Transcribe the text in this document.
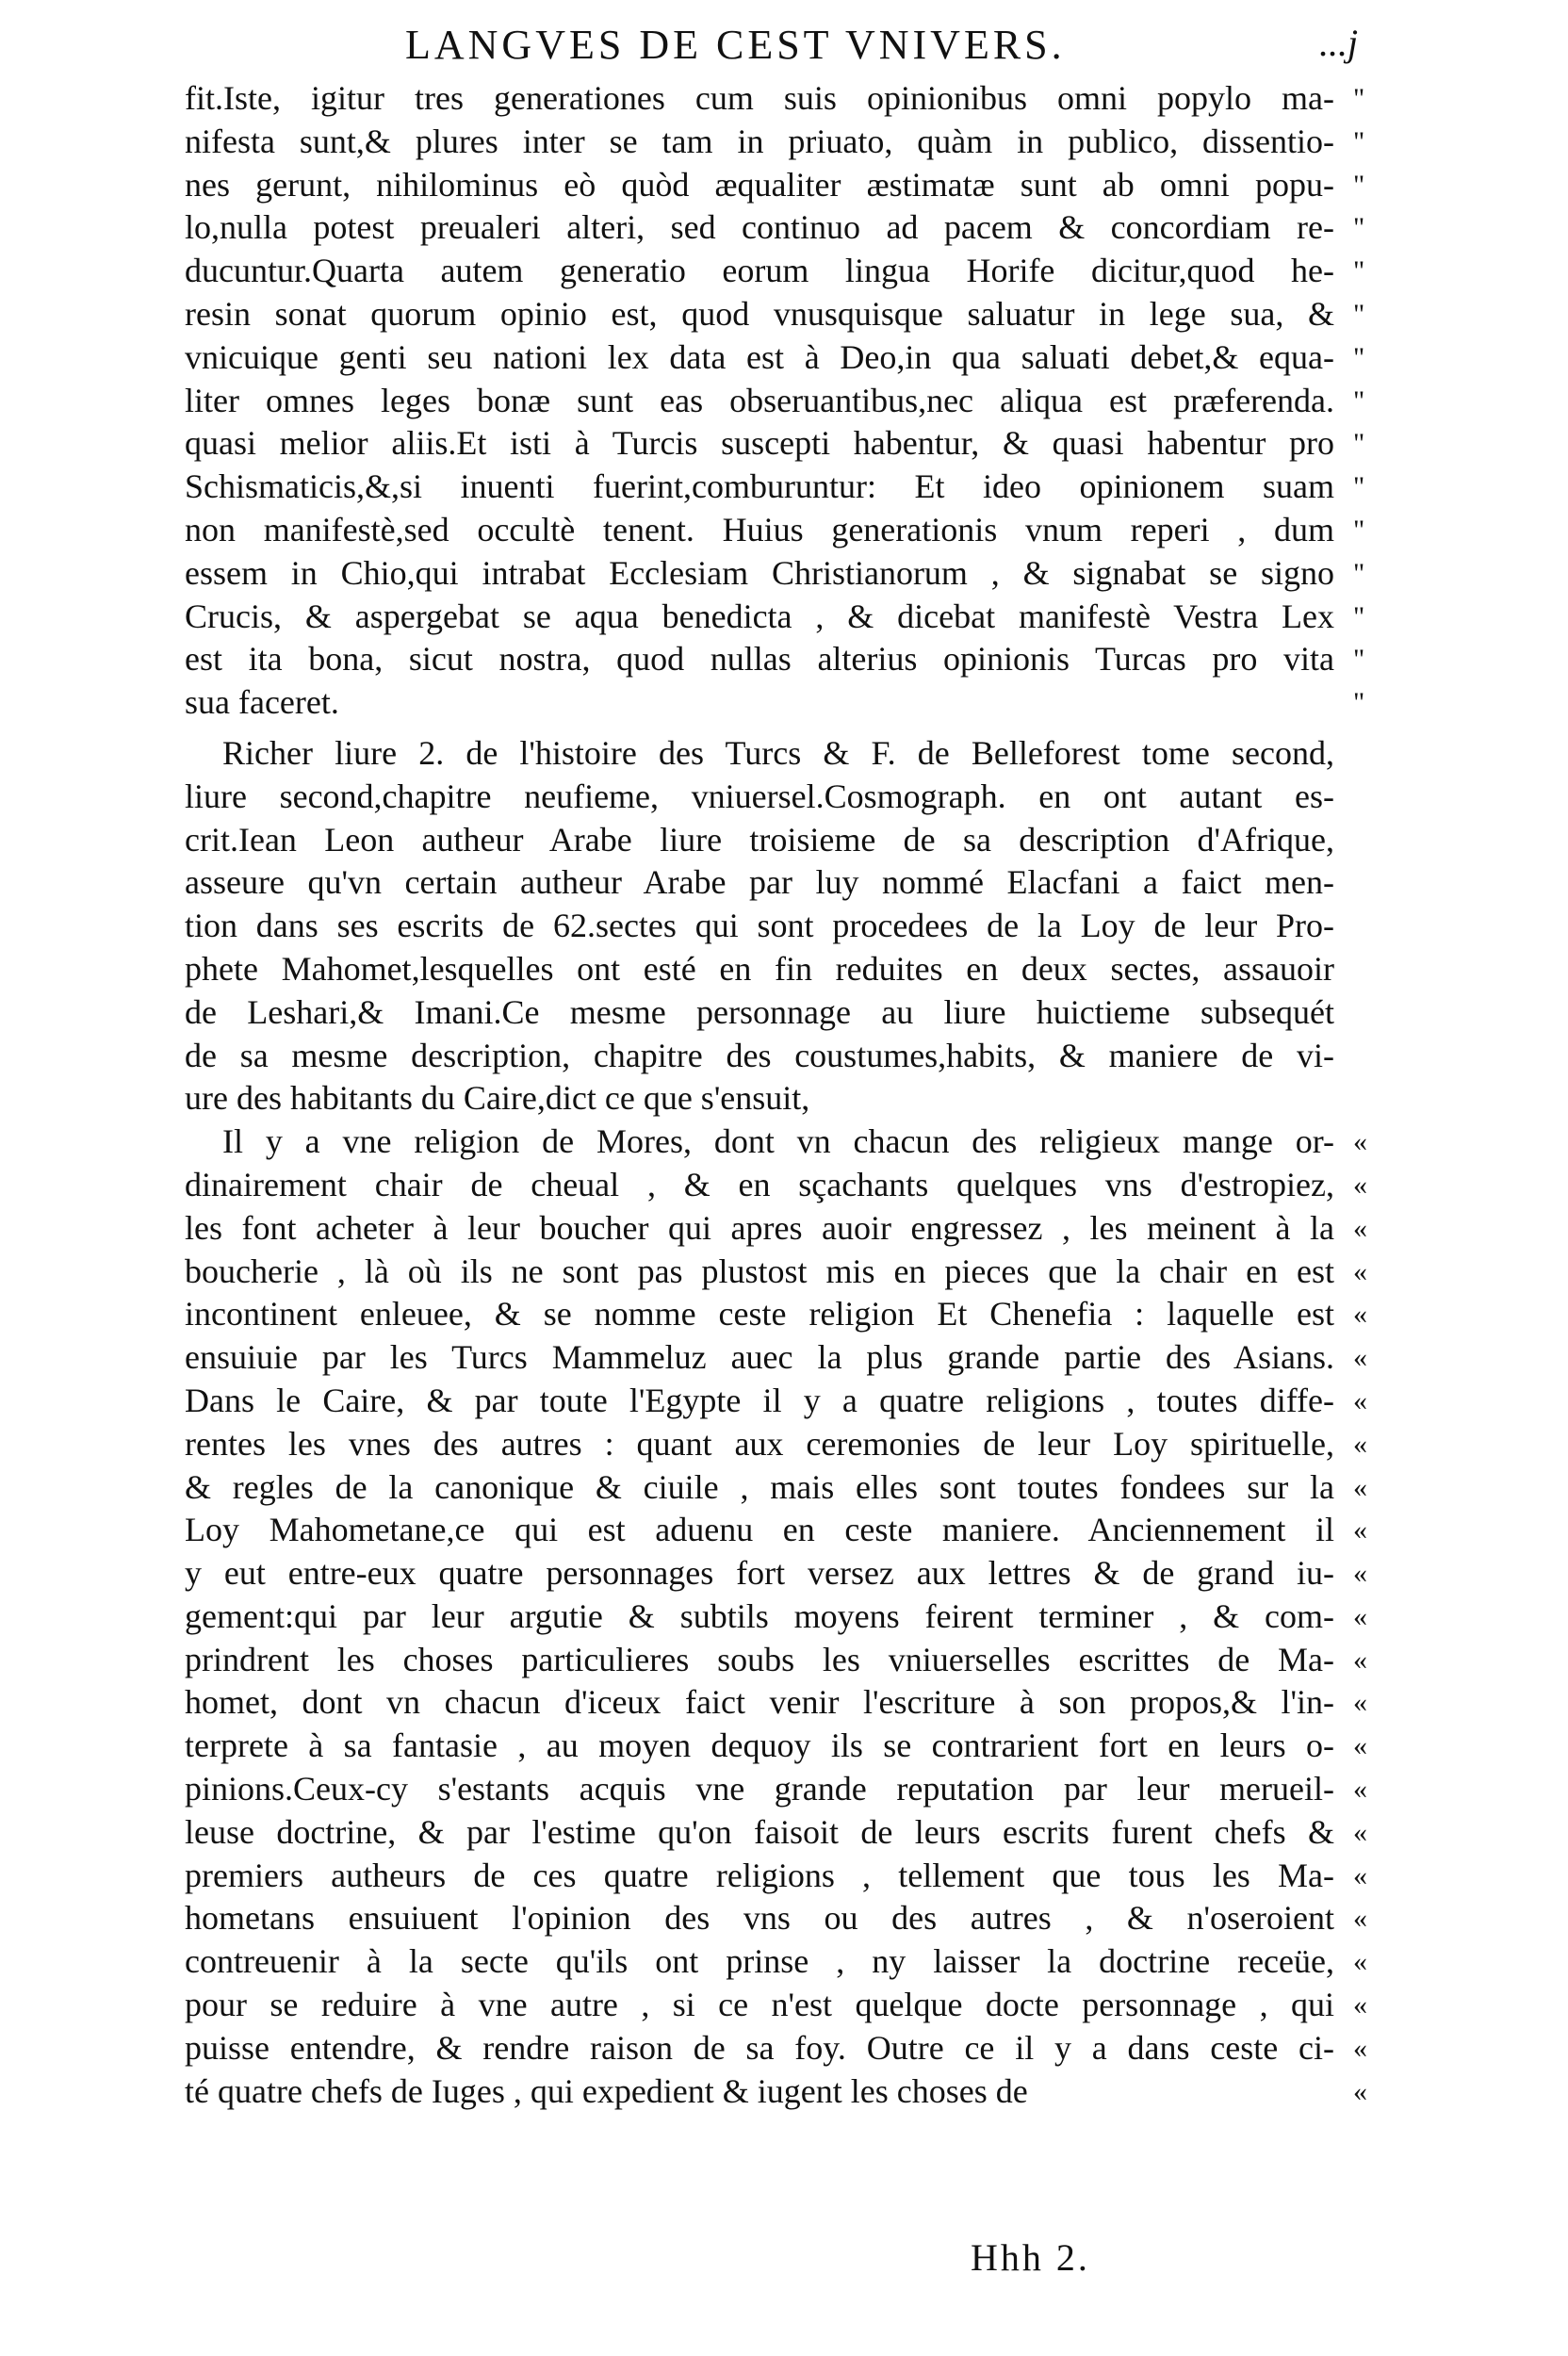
LANGVES DE CEST VNIVERS.	...j
fit.Iste, igitur tres generationes cum suis opinionibus omni popylo ma- "
nifesta sunt,& plures inter se tam in priuato, quàm in publico, dissentio- "
nes gerunt, nihilominus eò quòd æqualiter æstimatæ sunt ab omni popu- "
lo,nulla potest preualeri alteri, sed continuo ad pacem & concordiam re- "
ducuntur.Quarta autem generatio eorum lingua Horife dicitur,quod he- "
resin sonat quorum opinio est, quod vnusquisque saluatur in lege sua, & "
vnicuique genti seu nationi lex data est à Deo,in qua saluati debet,& equa- "
liter omnes leges bonæ sunt eas obseruantibus,nec aliqua est præferenda. "
quasi melior aliis.Et isti à Turcis suscepti habentur, & quasi habentur pro "
Schismaticis,&,si inuenti fuerint,comburuntur: Et ideo opinionem suam "
non manifestè,sed occultè tenent. Huius generationis vnum reperi , dum "
essem in Chio,qui intrabat Ecclesiam Christianorum , & signabat se signo "
Crucis, & aspergebat se aqua benedicta , & dicebat manifestè Vestra Lex "
est ita bona, sicut nostra, quod nullas alterius opinionis Turcas pro vita "
sua faceret.	"
Richer liure 2. de l'histoire des Turcs & F. de Belleforest tome second,
liure second,chapitre neufieme, vniuersel.Cosmograph. en ont autant es-
crit.Iean Leon autheur Arabe liure troisieme de sa description d'Afrique,
asseure qu'vn certain autheur Arabe par luy nommé Elacfani a faict men-
tion dans ses escrits de 62.sectes qui sont procedees de la Loy de leur Pro-
phete Mahomet,lesquelles ont esté en fin reduites en deux sectes, assauoir
de Leshari,& Imani.Ce mesme personnage au liure huictieme subsequét
de sa mesme description, chapitre des coustumes,habits, & maniere de vi-
ure des habitants du Caire,dict ce que s'ensuit,
Il y a vne religion de Mores, dont vn chacun des religieux mange or- «
dinairement chair de cheual , & en sçachants quelques vns d'estropiez, «
les font acheter à leur boucher qui apres auoir engressez , les meinent à la «
boucherie , là où ils ne sont pas plustost mis en pieces que la chair en est «
incontinent enleuee, & se nomme ceste religion Et Chenefia : laquelle est «
ensuiuie par les Turcs Mammeluz auec la plus grande partie des Asians. «
Dans le Caire, & par toute l'Egypte il y a quatre religions , toutes diffe- «
rentes les vnes des autres : quant aux ceremonies de leur Loy spirituelle, «
& regles de la canonique & ciuile , mais elles sont toutes fondees sur la «
Loy Mahometane,ce qui est aduenu en ceste maniere. Anciennement il «
y eut entre-eux quatre personnages fort versez aux lettres & de grand iu- «
gement:qui par leur argutie & subtils moyens feirent terminer , & com- «
prindrent les choses particulieres soubs les vniuerselles escrittes de Ma- «
homet, dont vn chacun d'iceux faict venir l'escriture à son propos,& l'in- «
terprete à sa fantasie , au moyen dequoy ils se contrarient fort en leurs o- «
pinions.Ceux-cy s'estants acquis vne grande reputation par leur merueil- «
leuse doctrine, & par l'estime qu'on faisoit de leurs escrits furent chefs & «
premiers autheurs de ces quatre religions , tellement que tous les Ma- «
hometans ensuiuent l'opinion des vns ou des autres , & n'oseroient «
contreuenir à la secte qu'ils ont prinse , ny laisser la doctrine receüe, «
pour se reduire à vne autre , si ce n'est quelque docte personnage , qui «
puisse entendre, & rendre raison de sa foy. Outre ce il y a dans ceste ci- «
té quatre chefs de Iuges , qui expedient & iugent les choses de	«
Hhh 2.
